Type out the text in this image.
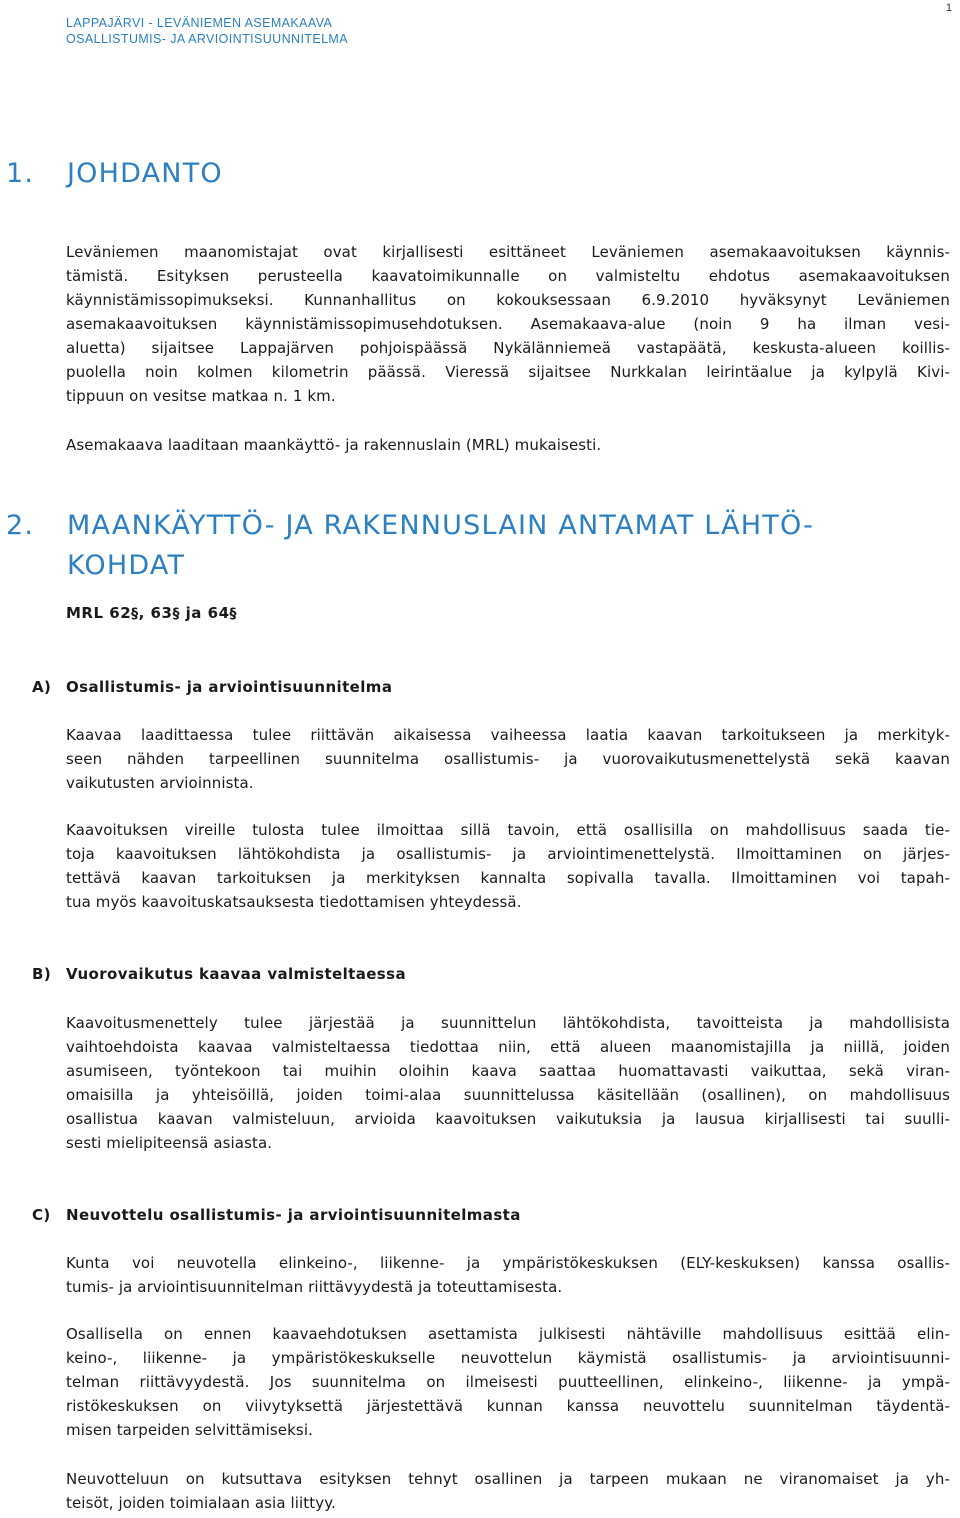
1
LAPPAJÄRVI - LEVÄNIEMEN ASEMAKAAVA
OSALLISTUMIS- JA ARVIOINTISUUNNITELMA
1. JOHDANTO

Leväniemen maanomistajat ovat kirjallisesti esittäneet Leväniemen asemakaavoituksen käynnis-
tämistä. Esityksen perusteella kaavatoimikunnalle on valmisteltu ehdotus asemakaavoituksen
käynnistämissopimukseksi. Kunnanhallitus on kokouksessaan 6.9.2010 hyväksynyt Leväniemen
asemakaavoituksen käynnistämissopimusehdotuksen. Asemakaava-alue (noin 9 ha ilman vesi-
aluetta) sijaitsee Lappajärven pohjoispäässä Nykälänniemeä vastapäätä, keskusta-alueen koillis-
puolella noin kolmen kilometrin päässä. Vieressä sijaitsee Nurkkalan leirintäalue ja kylpylä Kivi-
tippuun on vesitse matkaa n. 1 km.

Asemakaava laaditaan maankäyttö- ja rakennuslain (MRL) mukaisesti.

2. MAANKÄYTTÖ- JA RAKENNUSLAIN ANTAMAT LÄHTÖ-
KOHDAT
MRL 62§, 63§ ja 64§
A) Osallistumis- ja arviointisuunnitelma

Kaavaa laadittaessa tulee riittävän aikaisessa vaiheessa laatia kaavan tarkoitukseen ja merkityk-
seen nähden tarpeellinen suunnitelma osallistumis- ja vuorovaikutusmenettelystä sekä kaavan
vaikutusten arvioinnista.

Kaavoituksen vireille tulosta tulee ilmoittaa sillä tavoin, että osallisilla on mahdollisuus saada tie-
toja kaavoituksen lähtökohdista ja osallistumis- ja arviointimenettelystä. Ilmoittaminen on järjes-
tettävä kaavan tarkoituksen ja merkityksen kannalta sopivalla tavalla. Ilmoittaminen voi tapah-
tua myös kaavoituskatsauksesta tiedottamisen yhteydessä.

B) Vuorovaikutus kaavaa valmisteltaessa

Kaavoitusmenettely tulee järjestää ja suunnittelun lähtökohdista, tavoitteista ja mahdollisista
vaihtoehdoista kaavaa valmisteltaessa tiedottaa niin, että alueen maanomistajilla ja niillä, joiden
asumiseen, työntekoon tai muihin oloihin kaava saattaa huomattavasti vaikuttaa, sekä viran-
omaisilla ja yhteisöillä, joiden toimi-alaa suunnittelussa käsitellään (osallinen), on mahdollisuus
osallistua kaavan valmisteluun, arvioida kaavoituksen vaikutuksia ja lausua kirjallisesti tai suulli-
sesti mielipiteensä asiasta.

C) Neuvottelu osallistumis- ja arviointisuunnitelmasta

Kunta voi neuvotella elinkeino-, liikenne- ja ympäristökeskuksen (ELY-keskuksen) kanssa osallis-
tumis- ja arviointisuunnitelman riittävyydestä ja toteuttamisesta.

Osallisella on ennen kaavaehdotuksen asettamista julkisesti nähtäville mahdollisuus esittää elin-
keino-, liikenne- ja ympäristökeskukselle neuvottelun käymistä osallistumis- ja arviointisuunni-
telman riittävyydestä. Jos suunnitelma on ilmeisesti puutteellinen, elinkeino-, liikenne- ja ympä-
ristökeskuksen on viivytyksettä järjestettävä kunnan kanssa neuvottelu suunnitelman täydentä-
misen tarpeiden selvittämiseksi.

Neuvotteluun on kutsuttava esityksen tehnyt osallinen ja tarpeen mukaan ne viranomaiset ja yh-
teisöt, joiden toimialaan asia liittyy.
